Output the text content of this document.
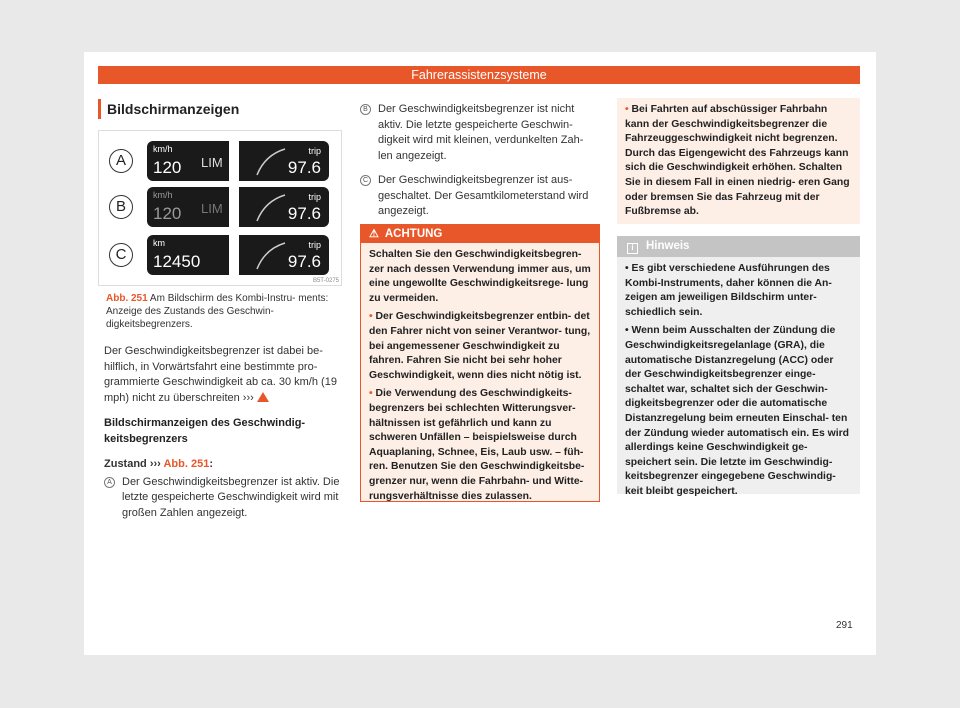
Fahrerassistenzsysteme
Bildschirmanzeigen
A
km/h
120 LIM
trip
97.6
B
km/h
120 LIM
trip
97.6
C
km
12450
trip
97.6
B5T-0275
Abb. 251 Am Bildschirm des Kombi-Instru- ments: Anzeige des Zustands des Geschwin- digkeitsbegrenzers.

Der Geschwindigkeitsbegrenzer ist dabei be- hilflich, in Vorwärtsfahrt eine bestimmte pro- grammierte Geschwindigkeit ab ca. 30 km/h (19 mph) nicht zu überschreiten ›››

Bildschirmanzeigen des Geschwindig- keitsbegrenzers

Zustand ››› Abb. 251:
A Der Geschwindigkeitsbegrenzer ist aktiv. Die letzte gespeicherte Geschwindigkeit wird mit großen Zahlen angezeigt.
B Der Geschwindigkeitsbegrenzer ist nicht aktiv. Die letzte gespeicherte Geschwin- digkeit wird mit kleinen, verdunkelten Zah- len angezeigt.
C Der Geschwindigkeitsbegrenzer ist aus- geschaltet. Der Gesamtkilometerstand wird angezeigt.
⚠ ACHTUNG

Schalten Sie den Geschwindigkeitsbegren- zer nach dessen Verwendung immer aus, um eine ungewollte Geschwindigkeitsrege- lung zu vermeiden.

• Der Geschwindigkeitsbegrenzer entbin- det den Fahrer nicht von seiner Verantwor- tung, bei angemessener Geschwindigkeit zu fahren. Fahren Sie nicht bei sehr hoher Geschwindigkeit, wenn dies nicht nötig ist.

• Die Verwendung des Geschwindigkeits- begrenzers bei schlechten Witterungsver- hältnissen ist gefährlich und kann zu schweren Unfällen – beispielsweise durch Aquaplaning, Schnee, Eis, Laub usw. – füh- ren. Benutzen Sie den Geschwindigkeitsbe- grenzer nur, wenn die Fahrbahn- und Witte- rungsverhältnisse dies zulassen.

• Bei Fahrten auf abschüssiger Fahrbahn kann der Geschwindigkeitsbegrenzer die Fahrzeuggeschwindigkeit nicht begrenzen. Durch das Eigengewicht des Fahrzeugs kann sich die Geschwindigkeit erhöhen. Schalten Sie in diesem Fall in einen niedrig- eren Gang oder bremsen Sie das Fahrzeug mit der Fußbremse ab.
i Hinweis

• Es gibt verschiedene Ausführungen des Kombi-Instruments, daher können die An- zeigen am jeweiligen Bildschirm unter- schiedlich sein.

• Wenn beim Ausschalten der Zündung die Geschwindigkeitsregelanlage (GRA), die automatische Distanzregelung (ACC) oder der Geschwindigkeitsbegrenzer einge- schaltet war, schaltet sich der Geschwin- digkeitsbegrenzer oder die automatische Distanzregelung beim erneuten Einschal- ten der Zündung wieder automatisch ein. Es wird allerdings keine Geschwindigkeit ge- speichert sein. Die letzte im Geschwindig- keitsbegrenzer eingegebene Geschwindig- keit bleibt gespeichert.

291
